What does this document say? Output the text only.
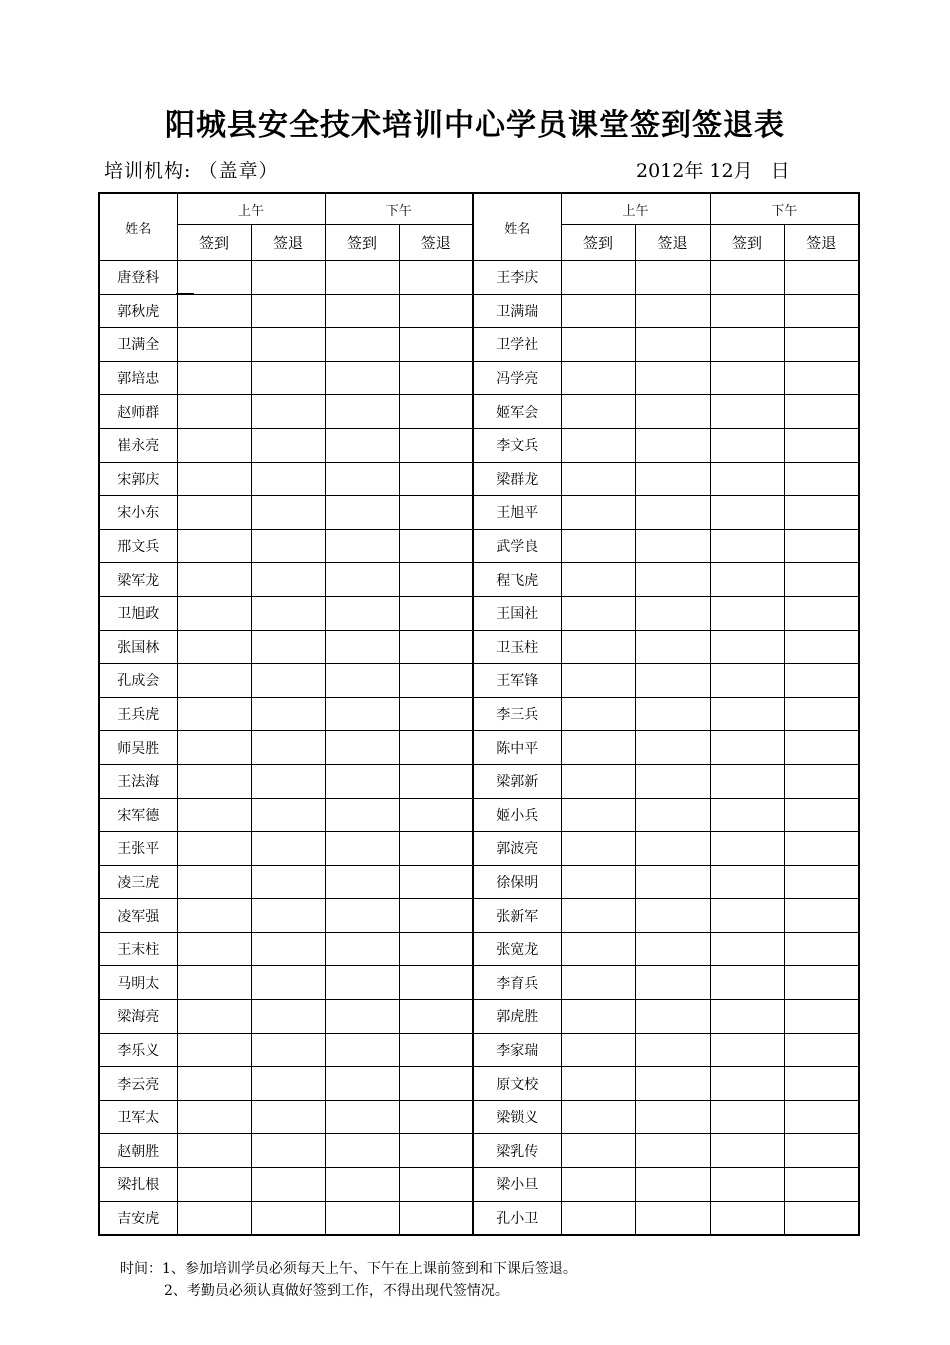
阳城县安全技术培训中心学员课堂签到签退表
培训机构: （盖章）	2012年 12月   日
姓名	上午		下午		姓名	上午		下午	
	签到	签退	签到	签退		签到	签退	签到	签退
唐登科					王李庆				
郭秋虎					卫满瑞				
卫满全					卫学社				
郭培忠					冯学亮				
赵师群					姬军会				
崔永亮					李文兵				
宋郭庆					梁群龙				
宋小东					王旭平				
邢文兵					武学良				
梁军龙					程飞虎				
卫旭政					王国社				
张国林					卫玉柱				
孔成会					王军锋				
王兵虎					李三兵				
师吴胜					陈中平				
王法海					梁郭新				
宋军德					姬小兵				
王张平					郭波亮				
凌三虎					徐保明				
凌军强					张新军				
王末柱					张宽龙				
马明太					李育兵				
梁海亮					郭虎胜				
李乐义					李家瑞				
李云亮					原文校				
卫军太					梁锁义				
赵朝胜					梁乳传				
梁扎根					梁小旦				
吉安虎					孔小卫				
时间：1、参加培训学员必须每天上午、下午在上课前签到和下课后签退。
2、考勤员必须认真做好签到工作，不得出现代签情况。
